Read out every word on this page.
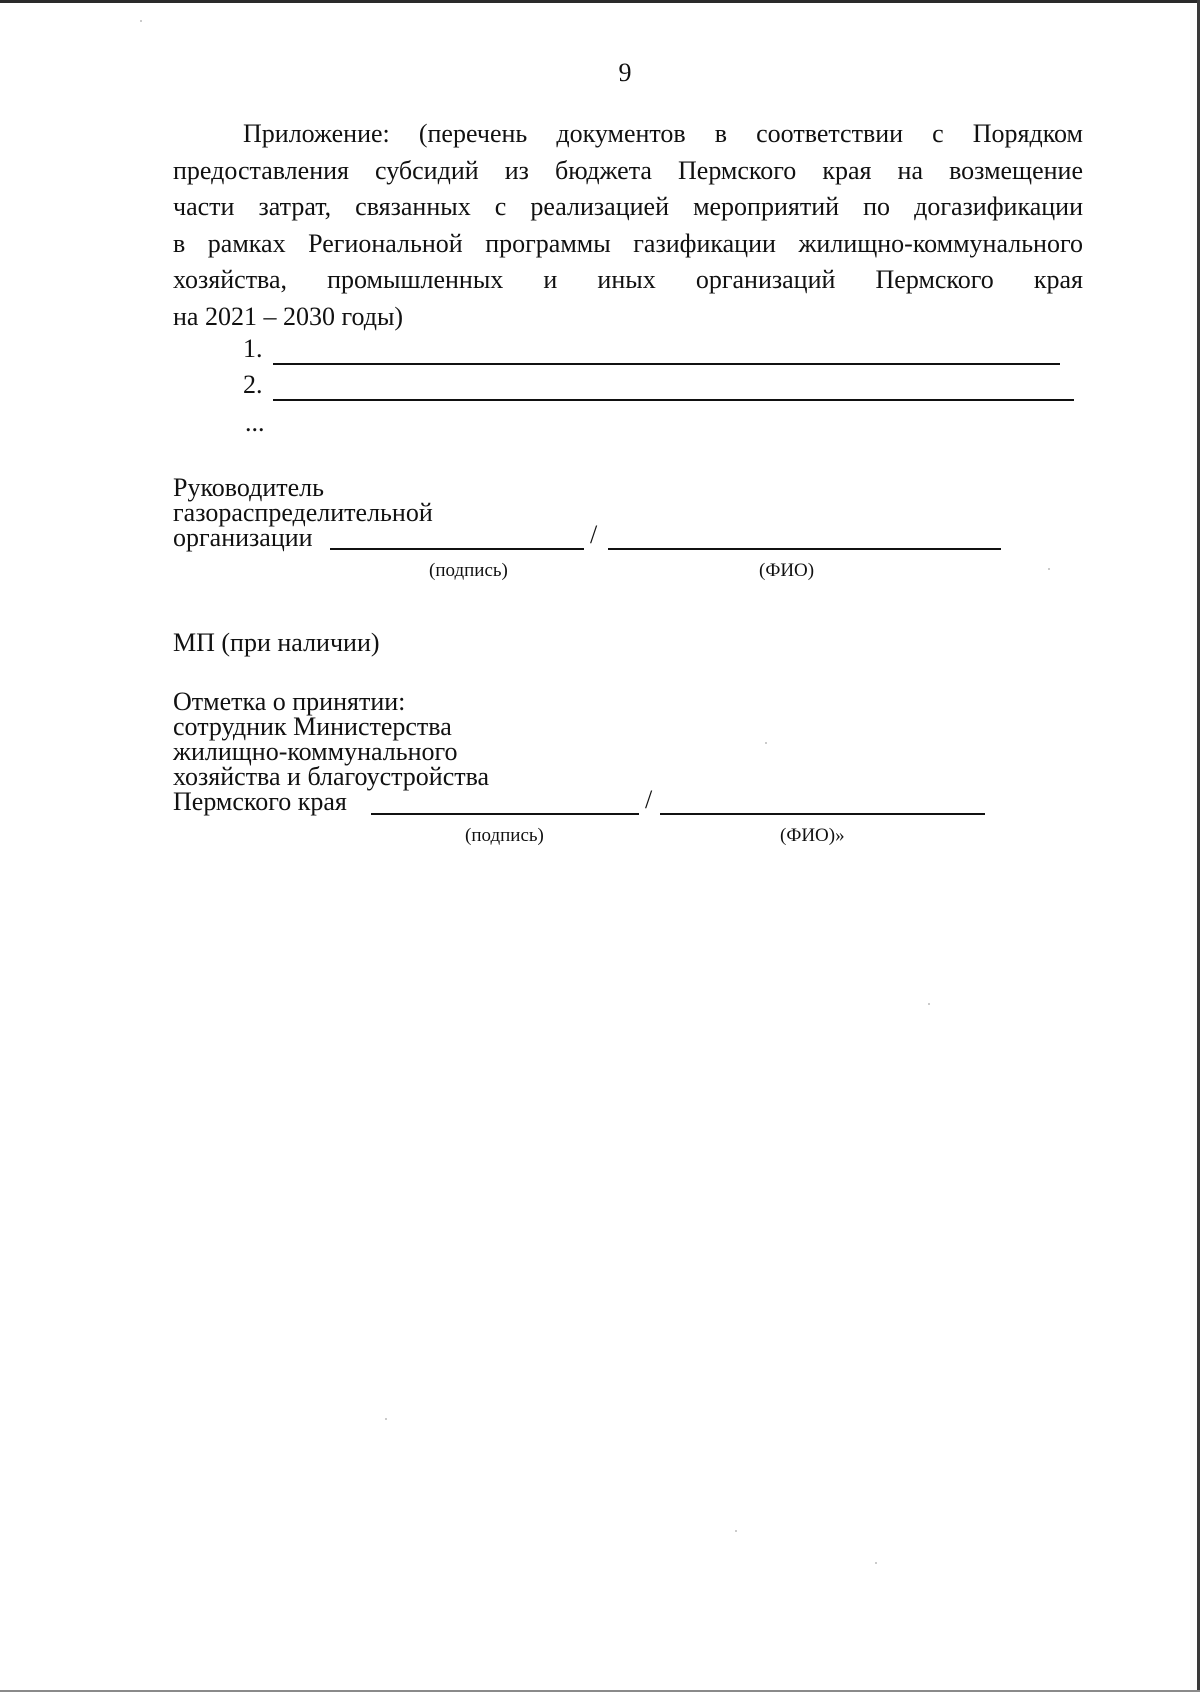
9
Приложение: (перечень документов в соответствии с Порядком
предоставления субсидий из бюджета Пермского края на возмещение
части затрат, связанных с реализацией мероприятий по догазификации
в рамках Региональной программы газификации жилищно-коммунального
хозяйства, промышленных и иных организаций Пермского края
на 2021 – 2030 годы)
1.
2.
...
Руководитель
газораспределительной
организации	/
(подпись)	(ФИО)
МП (при наличии)
Отметка о принятии:
сотрудник Министерства
жилищно-коммунального
хозяйства и благоустройства
Пермского края	/
(подпись)	(ФИО)»
